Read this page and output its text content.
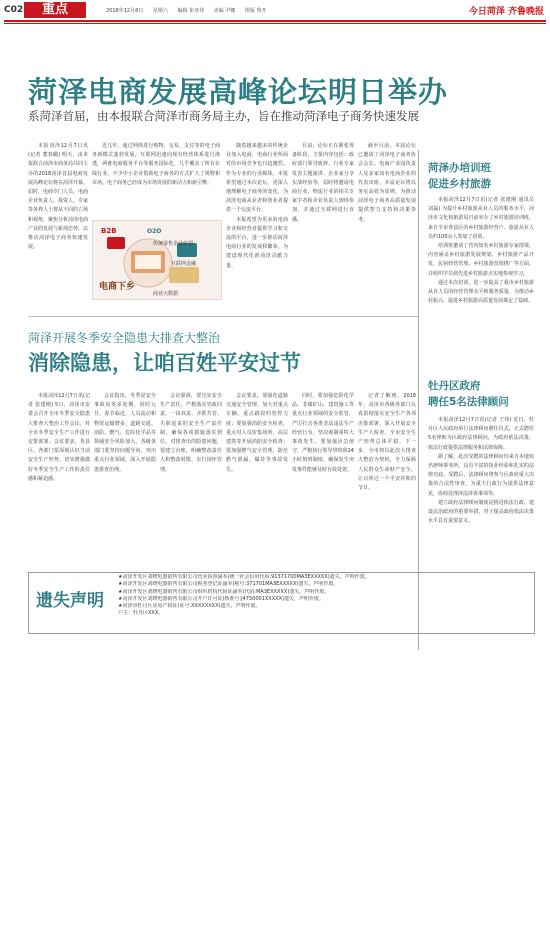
C02	重点	2018年12月8日 星期六 编辑 崔亚伟 美编 尹娜 组版 鲁开	今日菏泽 齐鲁晚报
菏泽电商发展高峰论坛明日举办
系菏泽首届，由本报联合菏泽市商务局主办，旨在推动菏泽电子商务快速发展

本报菏泽12月7日讯(记者 董春璐) 明天，由本报联合菏泽市商务局共同主办的2018菏泽首届电商发展高峰论坛将在菏泽开幕。届时，电商专门人员、电商企业负责人、投资人、专家等各界人士将从不同的立场和视角，聚焦分析菏泽电商产业的发展与新现态势，以推动菏泽电子商务快速发展。

近几年，通过网络进行购物，交易、支付等的电子商务新模式蓬勃发展，互联网迅速向现有经营体系进行渗透，两淮电商服务平台等服务国际化，几乎覆盖了所有在线行业，不少中小企业借助电子商务的方式扩大了视野和市场。电子商务已经成为市场发展的新动力和新引擎。

B2B	O2O
传统零售企业转型
互联网金融
电商下乡
商业大数据

随着越来越多的传统企业加入电商，电商行业所面对的市场竞争也日趋激烈。作为专业的行业媒体，本报希望通过本次论坛，更深入地理解电子商务的变化，为菏泽电商从业者和创业者提供一个交流平台。

本报希望为更多的电商企业和经营者提供学习和交流的平台，进一步推动菏泽电商行业的发展和繁荣，为建设现代化新菏泽贡献力量。

目前，论坛正在紧张筹备阶段，主要内容包括：政府部门领导致辞、行业专家发表主题演讲、企业家分享实战经验等，届时将邀请电商行业、物流行业的相关专家学者和企业负责人到场参加，并通过互联网进行直播。

截至目前，本届论坛已邀请了菏泽电子商务协会会长、电商产业园负责人及多家知名电商企业的代表出席。本届论坛将以务实高效为原则，为推动菏泽电子商务高质量发展提供智力支持和决策参考。

菏泽办培训班
促进乡村旅游

本报菏泽12月7日讯(记者 张建刚 通讯员 刘磊) 为提升乡村旅游从业人员的服务水平，菏泽市文化和旅游局日前举办了乡村旅游培训班，来自全市各县区的乡村旅游经营户、旅游从业人员约100余人参加了培训。

培训班邀请了省内知名乡村旅游专家授课，内容涵盖乡村旅游发展规划、乡村旅游产品开发、民宿经营管理、乡村旅游营销推广等方面，并组织学员到先进乡村旅游点实地参观学习。

通过本次培训，进一步提高了我市乡村旅游从业人员的经营管理水平和服务质量，为推动乡村振兴、促进乡村旅游高质量发展奠定了基础。

牡丹区政府
聘任5名法律顾问

本报菏泽12月7日讯(记者 王伟) 近日，牡丹区人民政府举行法律顾问聘任仪式，正式聘任5名律师为区政府法律顾问，为政府依法决策、依法行政提供法律服务和法律保障。

据了解，此次受聘的法律顾问均来自本地知名律师事务所，具有丰富的执业经验和扎实的法律功底。受聘后，法律顾问将参与区政府重大决策的合法性审查，为重大行政行为提供法律意见，协助处理涉法涉诉事项等。

建立政府法律顾问制度是推进依法行政、建设法治政府的重要举措，对于提高政府依法决策水平具有重要意义。

菏泽开展冬季安全隐患大排查大整治
消除隐患，让咱百姓平安过节

本报菏泽12月7日讯(记者 张建刚) 5日，菏泽市安委会召开全市冬季安全隐患大排查大整治工作会议，对全市冬季安全生产工作进行安排部署。会议要求，各县区、各部门要深刻认识当前安全生产形势，切实增强做好冬季安全生产工作的责任感和紧迫感。

会议指出，冬季是安全事故易发多发期，同时元旦、春节临近，人员流动和物资运输增多，道路交通、消防、燃气、危险化学品等领域安全风险加大。各级各部门要坚持问题导向，突出重点行业领域，深入开展隐患排查治理。

会议强调，要压实安全生产责任，严格落实党政同责、一岗双责、齐抓共管、失职追责的安全生产责任制，确保各项措施落实到位。对排查出的隐患问题，要建立台账，明确整改责任人和整改时限，实行闭环管理。

会议要求，要强化道路交通安全管理，加大对重点车辆、重点路段的管控力度；要加强消防安全检查，重点对人员密集场所、高层建筑等开展消防安全检查；要加强燃气安全管理，防范燃气泄漏、爆炸等事故发生。

同时，要加强危险化学品、非煤矿山、建筑施工等重点行业领域的安全监管，严厉打击各类非法违法生产经营行为，坚决遏制重特大事故发生。要加强应急值守，严格执行领导带班和24小时值班制度，确保发生突发事件能够及时有效处置。

记者了解到，2018年，菏泽市各级各部门认真贯彻落实安全生产各项决策部署，深入开展安全生产大检查，全市安全生产形势总体平稳。下一步，全市将以此次大排查大整治为契机，全力保障人民群众生命财产安全，让百姓过一个平安祥和的节日。

遗失声明
★菏泽开发区刘晓电器销售有限公司营业执照副本(统一社会信用代码:91371700MA3EXXXXX)遗失，声明作废。
★菏泽开发区刘晓电器销售有限公司税务登记证副本(税号:371701MA3EXXXXX)遗失，声明作废。
★菏泽开发区刘晓电器销售有限公司组织机构代码证副本(代码:MA3EXXXXX)遗失，声明作废。
★菏泽开发区刘晓电器销售有限公司开户许可证(核准号:J4750001XXXXX)遗失，声明作废。
★菏泽市牡丹区房屋产权证(证号:XXXXXXXX)遗失，声明作废。
户主：牡丹区XXX。
